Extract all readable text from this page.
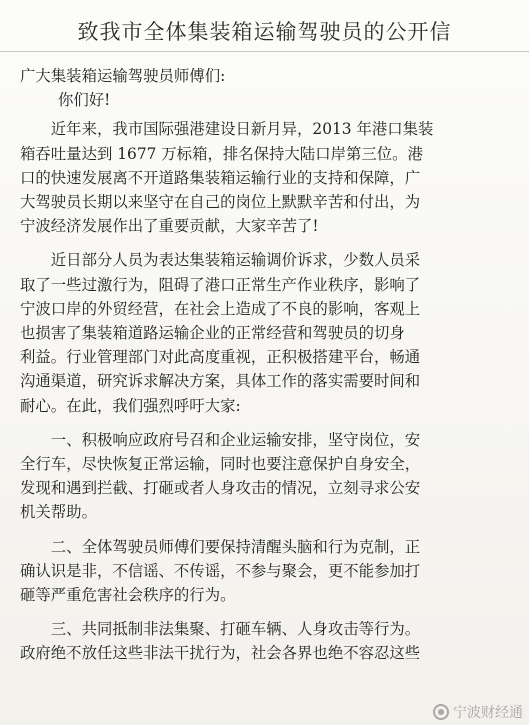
致我市全体集装箱运输驾驶员的公开信

广大集装箱运输驾驶员师傅们:

你们好!

　　近年来，我市国际强港建设日新月异，2013 年港口集装
箱吞吐量达到 1677 万标箱，排名保持大陆口岸第三位。港
口的快速发展离不开道路集装箱运输行业的支持和保障，广
大驾驶员长期以来坚守在自己的岗位上默默辛苦和付出，为
宁波经济发展作出了重要贡献，大家辛苦了!

　　近日部分人员为表达集装箱运输调价诉求，少数人员采
取了一些过激行为，阻碍了港口正常生产作业秩序，影响了
宁波口岸的外贸经营，在社会上造成了不良的影响，客观上
也损害了集装箱道路运输企业的正常经营和驾驶员的切身
利益。行业管理部门对此高度重视，正积极搭建平台，畅通
沟通渠道，研究诉求解决方案，具体工作的落实需要时间和
耐心。在此，我们强烈呼吁大家:

　　一、积极响应政府号召和企业运输安排，坚守岗位，安
全行车，尽快恢复正常运输，同时也要注意保护自身安全，
发现和遇到拦截、打砸或者人身攻击的情况，立刻寻求公安
机关帮助。

　　二、全体驾驶员师傅们要保持清醒头脑和行为克制，正
确认识是非，不信谣、不传谣，不参与聚会，更不能参加打
砸等严重危害社会秩序的行为。

　　三、共同抵制非法集聚、打砸车辆、人身攻击等行为。
政府绝不放任这些非法干扰行为，社会各界也绝不容忍这些

宁波财经通
